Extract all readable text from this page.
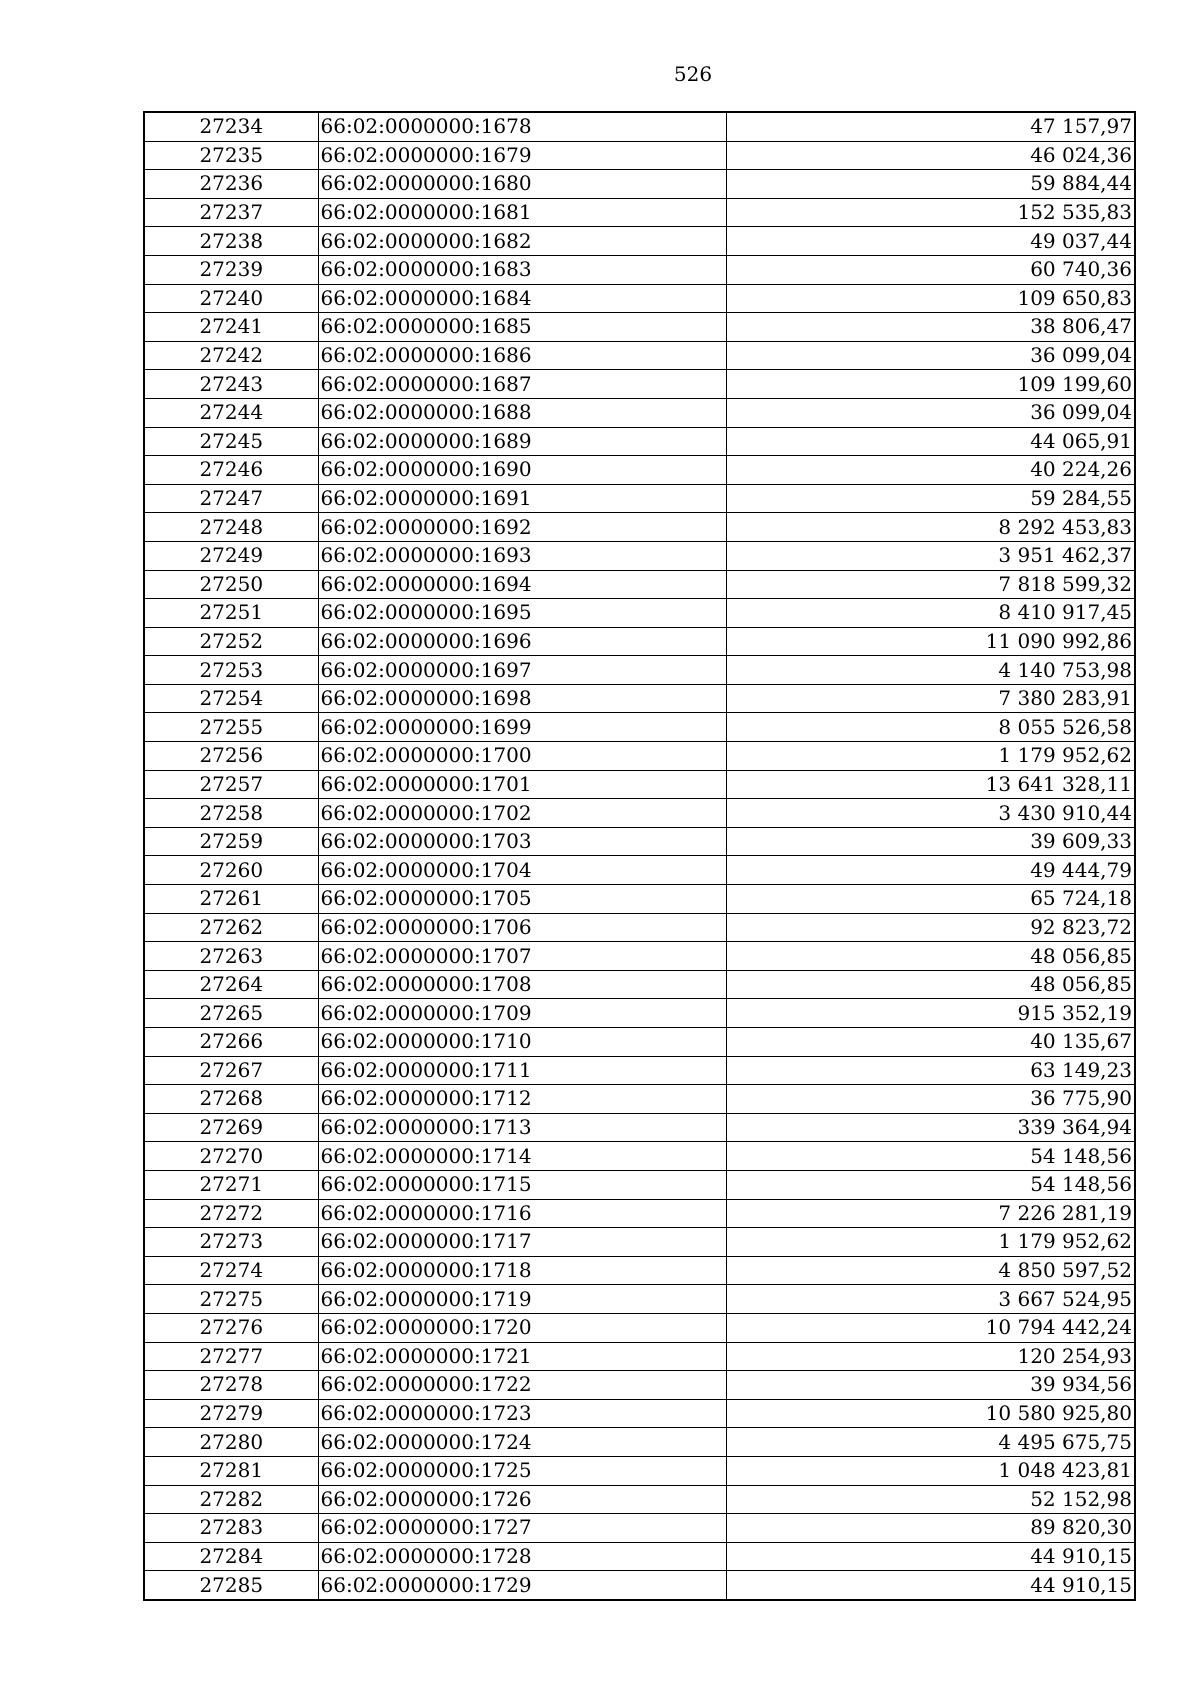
526
27234	66:02:0000000:1678	47 157,97
27235	66:02:0000000:1679	46 024,36
27236	66:02:0000000:1680	59 884,44
27237	66:02:0000000:1681	152 535,83
27238	66:02:0000000:1682	49 037,44
27239	66:02:0000000:1683	60 740,36
27240	66:02:0000000:1684	109 650,83
27241	66:02:0000000:1685	38 806,47
27242	66:02:0000000:1686	36 099,04
27243	66:02:0000000:1687	109 199,60
27244	66:02:0000000:1688	36 099,04
27245	66:02:0000000:1689	44 065,91
27246	66:02:0000000:1690	40 224,26
27247	66:02:0000000:1691	59 284,55
27248	66:02:0000000:1692	8 292 453,83
27249	66:02:0000000:1693	3 951 462,37
27250	66:02:0000000:1694	7 818 599,32
27251	66:02:0000000:1695	8 410 917,45
27252	66:02:0000000:1696	11 090 992,86
27253	66:02:0000000:1697	4 140 753,98
27254	66:02:0000000:1698	7 380 283,91
27255	66:02:0000000:1699	8 055 526,58
27256	66:02:0000000:1700	1 179 952,62
27257	66:02:0000000:1701	13 641 328,11
27258	66:02:0000000:1702	3 430 910,44
27259	66:02:0000000:1703	39 609,33
27260	66:02:0000000:1704	49 444,79
27261	66:02:0000000:1705	65 724,18
27262	66:02:0000000:1706	92 823,72
27263	66:02:0000000:1707	48 056,85
27264	66:02:0000000:1708	48 056,85
27265	66:02:0000000:1709	915 352,19
27266	66:02:0000000:1710	40 135,67
27267	66:02:0000000:1711	63 149,23
27268	66:02:0000000:1712	36 775,90
27269	66:02:0000000:1713	339 364,94
27270	66:02:0000000:1714	54 148,56
27271	66:02:0000000:1715	54 148,56
27272	66:02:0000000:1716	7 226 281,19
27273	66:02:0000000:1717	1 179 952,62
27274	66:02:0000000:1718	4 850 597,52
27275	66:02:0000000:1719	3 667 524,95
27276	66:02:0000000:1720	10 794 442,24
27277	66:02:0000000:1721	120 254,93
27278	66:02:0000000:1722	39 934,56
27279	66:02:0000000:1723	10 580 925,80
27280	66:02:0000000:1724	4 495 675,75
27281	66:02:0000000:1725	1 048 423,81
27282	66:02:0000000:1726	52 152,98
27283	66:02:0000000:1727	89 820,30
27284	66:02:0000000:1728	44 910,15
27285	66:02:0000000:1729	44 910,15
